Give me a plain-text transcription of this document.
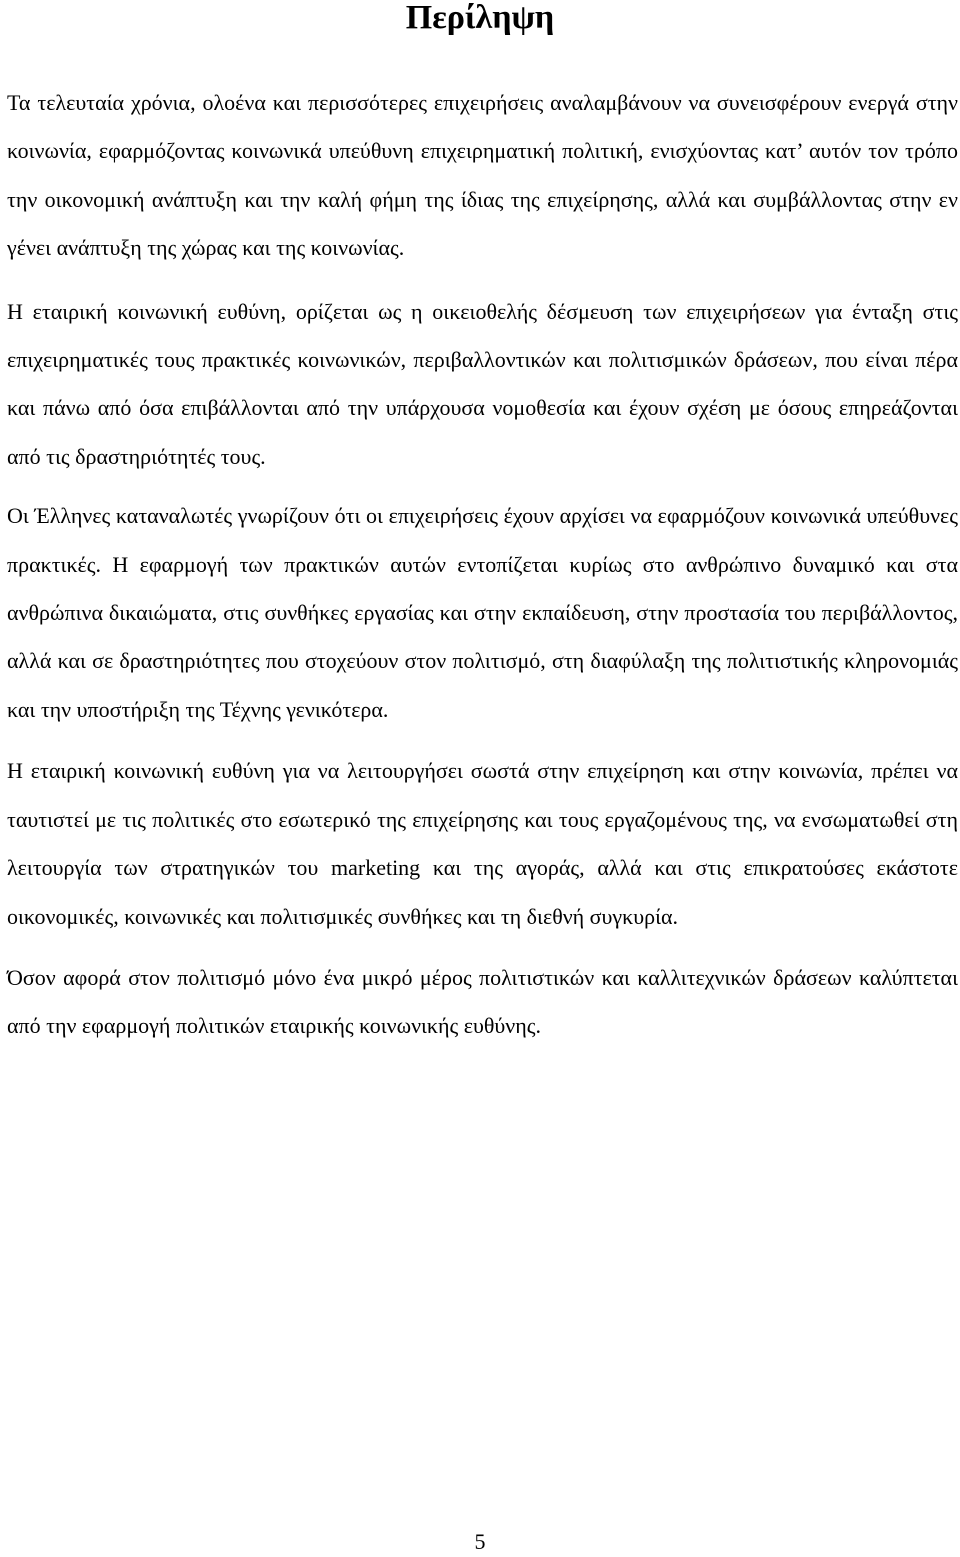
Περίληψη

Τα τελευταία χρόνια, ολοένα και περισσότερες επιχειρήσεις αναλαμβάνουν να συνεισφέρουν ενεργά στην κοινωνία, εφαρμόζοντας κοινωνικά υπεύθυνη επιχειρηματική πολιτική, ενισχύοντας κατ’ αυτόν τον τρόπο την οικονομική ανάπτυξη και την καλή φήμη της ίδιας της επιχείρησης, αλλά και συμβάλλοντας στην εν γένει ανάπτυξη της χώρας και της κοινωνίας.

Η εταιρική κοινωνική ευθύνη, ορίζεται ως η οικειοθελής δέσμευση των επιχειρήσεων για ένταξη στις επιχειρηματικές τους πρακτικές κοινωνικών, περιβαλλοντικών και πολιτισμικών δράσεων, που είναι πέρα και πάνω από όσα επιβάλλονται από την υπάρχουσα νομοθεσία και έχουν σχέση με όσους επηρεάζονται από τις δραστηριότητές τους.

Οι Έλληνες καταναλωτές γνωρίζουν ότι οι επιχειρήσεις έχουν αρχίσει να εφαρμόζουν κοινωνικά υπεύθυνες πρακτικές. Η εφαρμογή των πρακτικών αυτών εντοπίζεται κυρίως στο ανθρώπινο δυναμικό και στα ανθρώπινα δικαιώματα, στις συνθήκες εργασίας και στην εκπαίδευση, στην προστασία του περιβάλλοντος, αλλά και σε δραστηριότητες που στοχεύουν στον πολιτισμό, στη διαφύλαξη της πολιτιστικής κληρονομιάς και την υποστήριξη της Τέχνης γενικότερα.

Η εταιρική κοινωνική ευθύνη για να λειτουργήσει σωστά στην επιχείρηση και στην κοινωνία, πρέπει να ταυτιστεί με τις πολιτικές στο εσωτερικό της επιχείρησης και τους εργαζομένους της, να ενσωματωθεί στη λειτουργία των στρατηγικών του marketing και της αγοράς, αλλά και στις επικρατούσες εκάστοτε οικονομικές, κοινωνικές και πολιτισμικές συνθήκες και τη διεθνή συγκυρία.

Όσον αφορά στον πολιτισμό μόνο ένα μικρό μέρος πολιτιστικών και καλλιτεχνικών δράσεων καλύπτεται από την εφαρμογή πολιτικών εταιρικής κοινωνικής ευθύνης.

5
